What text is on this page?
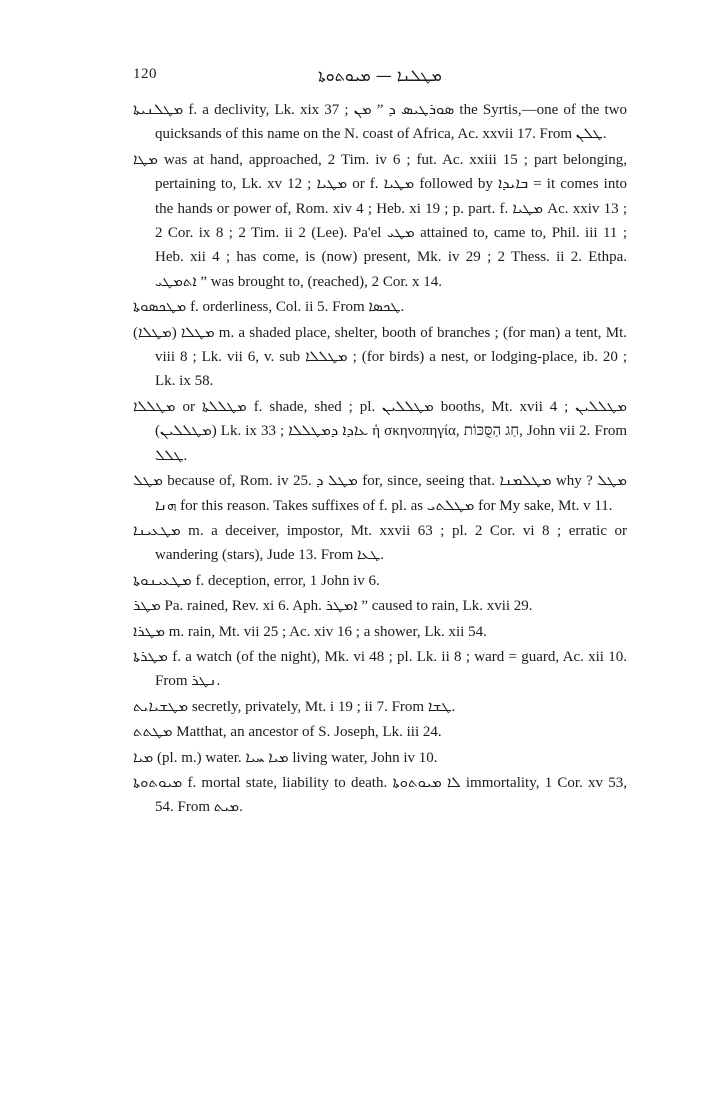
120	ܡܛܠܢܐ — ܡܝܘܬܘܬܐ

ܡܛܠܢܝܬܐ f. a declivity, Lk. xix 37 ; ܣܘܪܛܝܣ ܕ ” ܡܢ the Syrtis,—one of the two quicksands of this name on the N. coast of Africa, Ac. xxvii 17. From ܛܠܢ.

ܡܛܐ was at hand, approached, 2 Tim. iv 6 ; fut. Ac. xxiii 15 ; part belonging, pertaining to, Lk. xv 12 ; ܡܛܝܐ or f. ܡܛܝܐ followed by ܒܐܝܕܐ = it comes into the hands or power of, Rom. xiv 4 ; Heb. xi 19 ; p. part. f. ܡܛܝܐ Ac. xxiv 13 ; 2 Cor. ix 8 ; 2 Tim. ii 2 (Lee). Pa'el ܡܛܝ attained to, came to, Phil. iii 11 ; Heb. xii 4 ; has come, is (now) present, Mk. iv 29 ; 2 Thess. ii 2. Ethpa. ܐܬܡܛܝ ” was brought to, (reached), 2 Cor. x 14.

ܡܛܟܣܘܬܐ f. orderliness, Col. ii 5. From ܛܟܣܐ.

ܡܛܠܐ (ܡܛܠܐ) m. a shaded place, shelter, booth of branches ; (for man) a tent, Mt. viii 8 ; Lk. vii 6, v. sub ܡܛܠܠܐ ; (for birds) a nest, or lodging-place, ib. 20 ; Lk. ix 58.

ܡܛܠܠܐ or ܡܛܠܠܬܐ f. shade, shed ; pl. ܡܛܠܠܝܢ booths, Mt. xvii 4 ; ܡܛܠܠܝܢ (ܡܛܠܠܝܢ) Lk. ix 33 ; ܥܐܕܐ ܕܡܛܠܠܐ ἡ σκηνοπηγία, חַג הַסֻּכּוֹת, John vii 2. From ܛܠܠ.

ܡܛܠ because of, Rom. iv 25. ܡܛܠ ܕ for, since, seeing that. ܡܛܠܡܢܐ why ? ܡܛܠ ܗܢܐ for this reason. Takes suffixes of f. pl. as ܡܛܠܬܝ for My sake, Mt. v 11.

ܡܛܥܝܢܐ m. a deceiver, impostor, Mt. xxvii 63 ; pl. 2 Cor. vi 8 ; erratic or wandering (stars), Jude 13. From ܛܥܐ.

ܡܛܥܝܢܘܬܐ f. deception, error, 1 John iv 6.

ܡܛܪ Pa. rained, Rev. xi 6. Aph. ܐܡܛܪ ” caused to rain, Lk. xvii 29.

ܡܛܪܐ m. rain, Mt. vii 25 ; Ac. xiv 16 ; a shower, Lk. xii 54.

ܡܛܪܬܐ f. a watch (of the night), Mk. vi 48 ; pl. Lk. ii 8 ; ward = guard, Ac. xii 10. From ܢܛܪ.

ܡܛܫܝܐܝܬ secretly, privately, Mt. i 19 ; ii 7. From ܛܫܐ.

ܡܛܬܬ Matthat, an ancestor of S. Joseph, Lk. iii 24.

ܡܝܐ (pl. m.) water. ܡܝܐ ܚܝܐ living water, John iv 10.

ܡܝܘܬܘܬܐ f. mortal state, liability to death. ܠܐ ܡܝܘܬܘܬܐ immortality, 1 Cor. xv 53, 54. From ܡܝܬ.
